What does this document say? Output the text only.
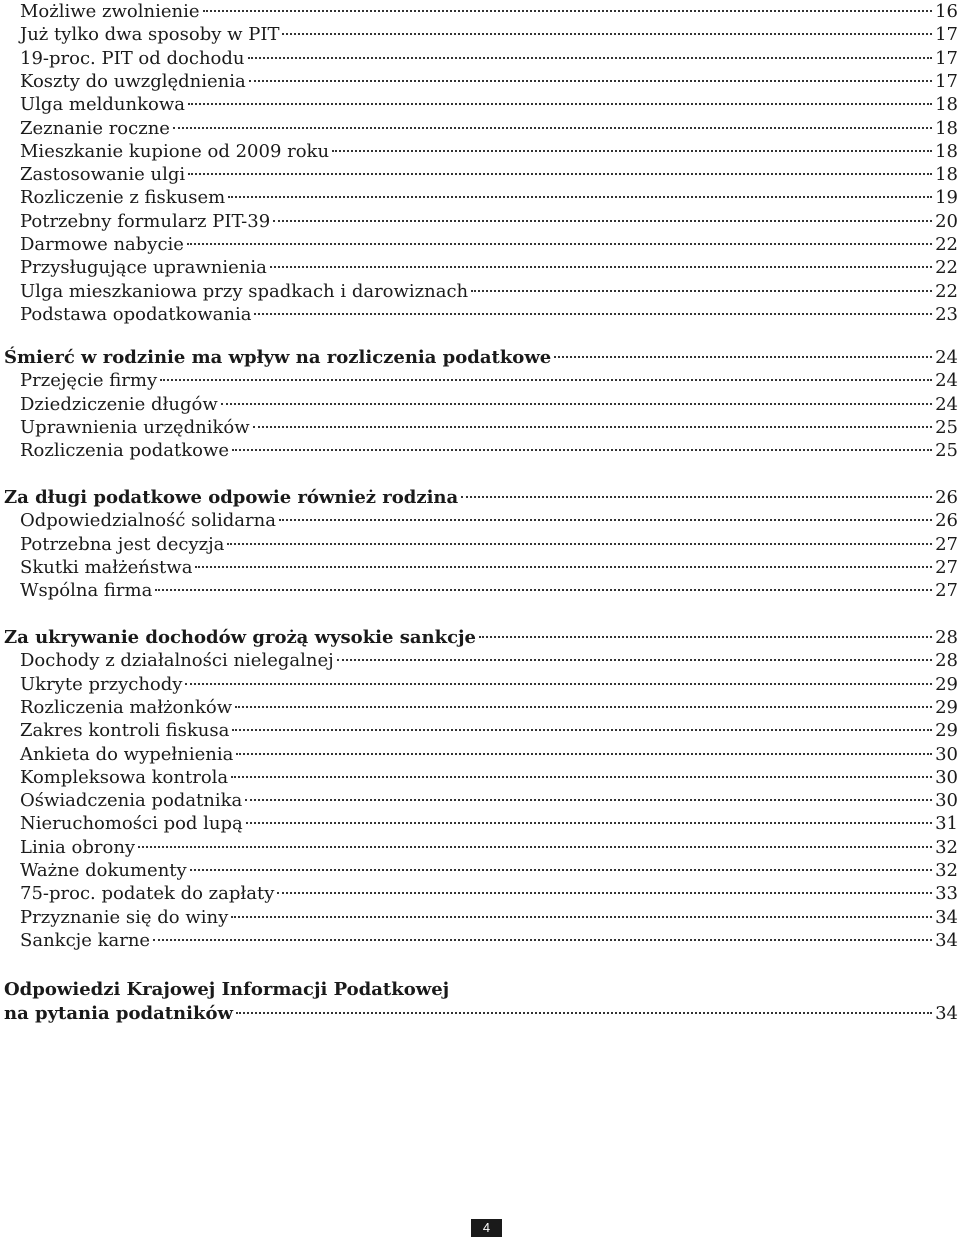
Możliwe zwolnienie	16
Już tylko dwa sposoby w PIT	17
19-proc. PIT od dochodu	17
Koszty do uwzględnienia	17
Ulga meldunkowa	18
Zeznanie roczne	18
Mieszkanie kupione od 2009 roku	18
Zastosowanie ulgi	18
Rozliczenie z fiskusem	19
Potrzebny formularz PIT-39	20
Darmowe nabycie	22
Przysługujące uprawnienia	22
Ulga mieszkaniowa przy spadkach i darowiznach	22
Podstawa opodatkowania	23
Śmierć w rodzinie ma wpływ na rozliczenia podatkowe	24
Przejęcie firmy	24
Dziedziczenie długów	24
Uprawnienia urzędników	25
Rozliczenia podatkowe	25
Za długi podatkowe odpowie również rodzina	26
Odpowiedzialność solidarna	26
Potrzebna jest decyzja	27
Skutki małżeństwa	27
Wspólna firma	27
Za ukrywanie dochodów grożą wysokie sankcje	28
Dochody z działalności nielegalnej	28
Ukryte przychody	29
Rozliczenia małżonków	29
Zakres kontroli fiskusa	29
Ankieta do wypełnienia	30
Kompleksowa kontrola	30
Oświadczenia podatnika	30
Nieruchomości pod lupą	31
Linia obrony	32
Ważne dokumenty	32
75-proc. podatek do zapłaty	33
Przyznanie się do winy	34
Sankcje karne	34
Odpowiedzi Krajowej Informacji Podatkowej
na pytania podatników	34
4
